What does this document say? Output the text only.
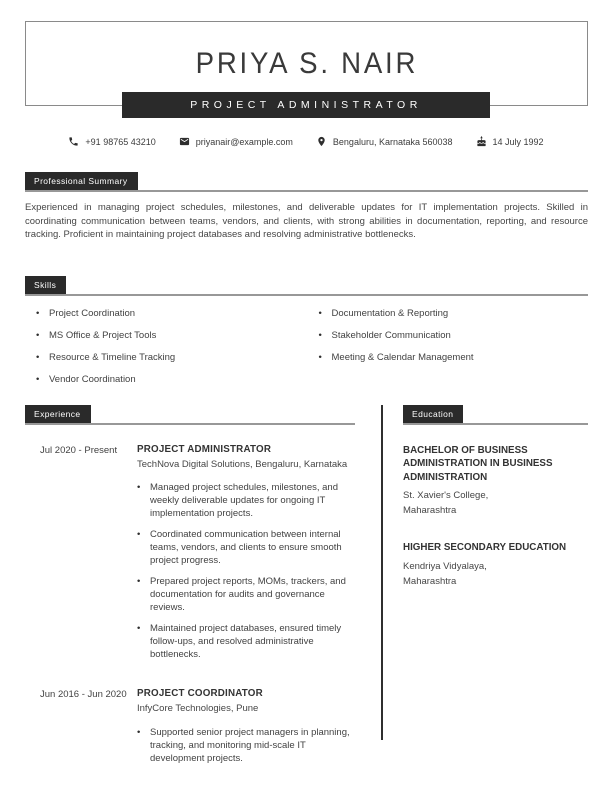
PRIYA S. NAIR
PROJECT ADMINISTRATOR
+91 98765 43210	priyanair@example.com	Bengaluru, Karnataka 560038	14 July 1992
Professional Summary
Experienced in managing project schedules, milestones, and deliverable updates for IT implementation projects. Skilled in coordinating communication between teams, vendors, and clients, with strong abilities in documentation, reporting, and resource tracking. Proficient in maintaining project databases and resolving administrative bottlenecks.
Skills
• Project Coordination
• MS Office & Project Tools
• Resource & Timeline Tracking
• Vendor Coordination
• Documentation & Reporting
• Stakeholder Communication
• Meeting & Calendar Management
Experience
Jul 2020 - Present	PROJECT ADMINISTRATOR
TechNova Digital Solutions, Bengaluru, Karnataka
• Managed project schedules, milestones, and weekly deliverable updates for ongoing IT implementation projects.
• Coordinated communication between internal teams, vendors, and clients to ensure smooth project progress.
• Prepared project reports, MOMs, trackers, and documentation for audits and governance reviews.
• Maintained project databases, ensured timely follow-ups, and resolved administrative bottlenecks.
Jun 2016 - Jun 2020	PROJECT COORDINATOR
InfyCore Technologies, Pune
• Supported senior project managers in planning, tracking, and monitoring mid-scale IT development projects.
Education
BACHELOR OF BUSINESS ADMINISTRATION IN BUSINESS ADMINISTRATION
St. Xavier's College,
Maharashtra
HIGHER SECONDARY EDUCATION
Kendriya Vidyalaya,
Maharashtra
